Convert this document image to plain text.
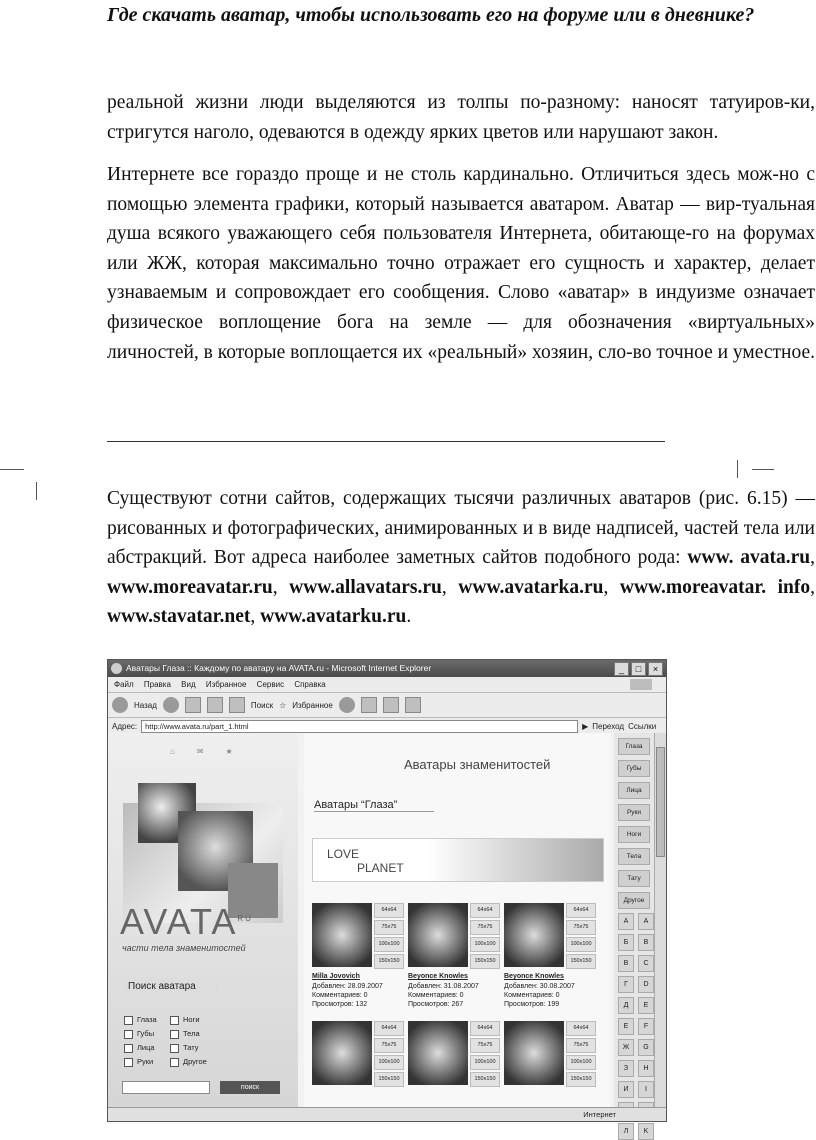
Где скачать аватар, чтобы использовать его на форуме или в дневнике?

реальной жизни люди выделяются из толпы по-разному: наносят татуиров-ки, стригутся наголо, одеваются в одежду ярких цветов или нарушают закон.

Интернете все гораздо проще и не столь кардинально. Отличиться здесь мож-но с помощью элемента графики, который называется аватаром. Аватар — вир-туальная душа всякого уважающего себя пользователя Интернета, обитающе-го на форумах или ЖЖ, которая максимально точно отражает его сущность и характер, делает узнаваемым и сопровождает его сообщения. Слово «аватар» в индуизме означает физическое воплощение бога на земле — для обозначения «виртуальных» личностей, в которые воплощается их «реальный» хозяин, сло-во точное и уместное.

Существуют сотни сайтов, содержащих тысячи различных аватаров (рис. 6.15) — рисованных и фотографических, анимированных и в виде надписей, частей тела или абстракций. Вот адреса наиболее заметных сайтов подобного рода: www. avata.ru, www.moreavatar.ru, www.allavatars.ru, www.avatarka.ru, www.moreavatar. info, www.stavatar.net, www.avatarku.ru.

Аватары Глаза :: Каждому по аватару на AVATA.ru - Microsoft Internet Explorer	_	□	×
Файл Правка Вид Избранное Сервис Справка
Назад	Поиск ☆ Избранное
Адрес:	http://www.avata.ru/part_1.html	▶ Переход Ссылки
⌂	✉	★
$AVATA^{RU}$
части тела знаменитостей
Поиск аватара
Глаза	Ноги
Губы	Тела
Лица	Тату
Руки	Другое
поиск
Аватары знаменитостей
Аватары “Глаза”
LOVE
PLANET
64x64
75x75
100x100
150x150
Milla Jovovich
Добавлен: 28.09.2007
Комментариев: 0
Просмотров: 132
64x64
75x75
100x100
150x150
Beyonce Knowles
Добавлен: 31.08.2007
Комментариев: 0
Просмотров: 267
64x64
75x75
100x100
150x150
Beyonce Knowles
Добавлен: 30.08.2007
Комментариев: 0
Просмотров: 199
64x64
75x75
100x100
150x150
64x64
75x75
100x100
150x150
64x64
75x75
100x100
150x150
Глаза
Губы
Лица
Руки
Ноги
Тела
Тату
Другое
A	A
Б	B
В	C
Г	D
Д	E
Е	F
Ж	G
З	H
И	I
Л	K
Интернет
